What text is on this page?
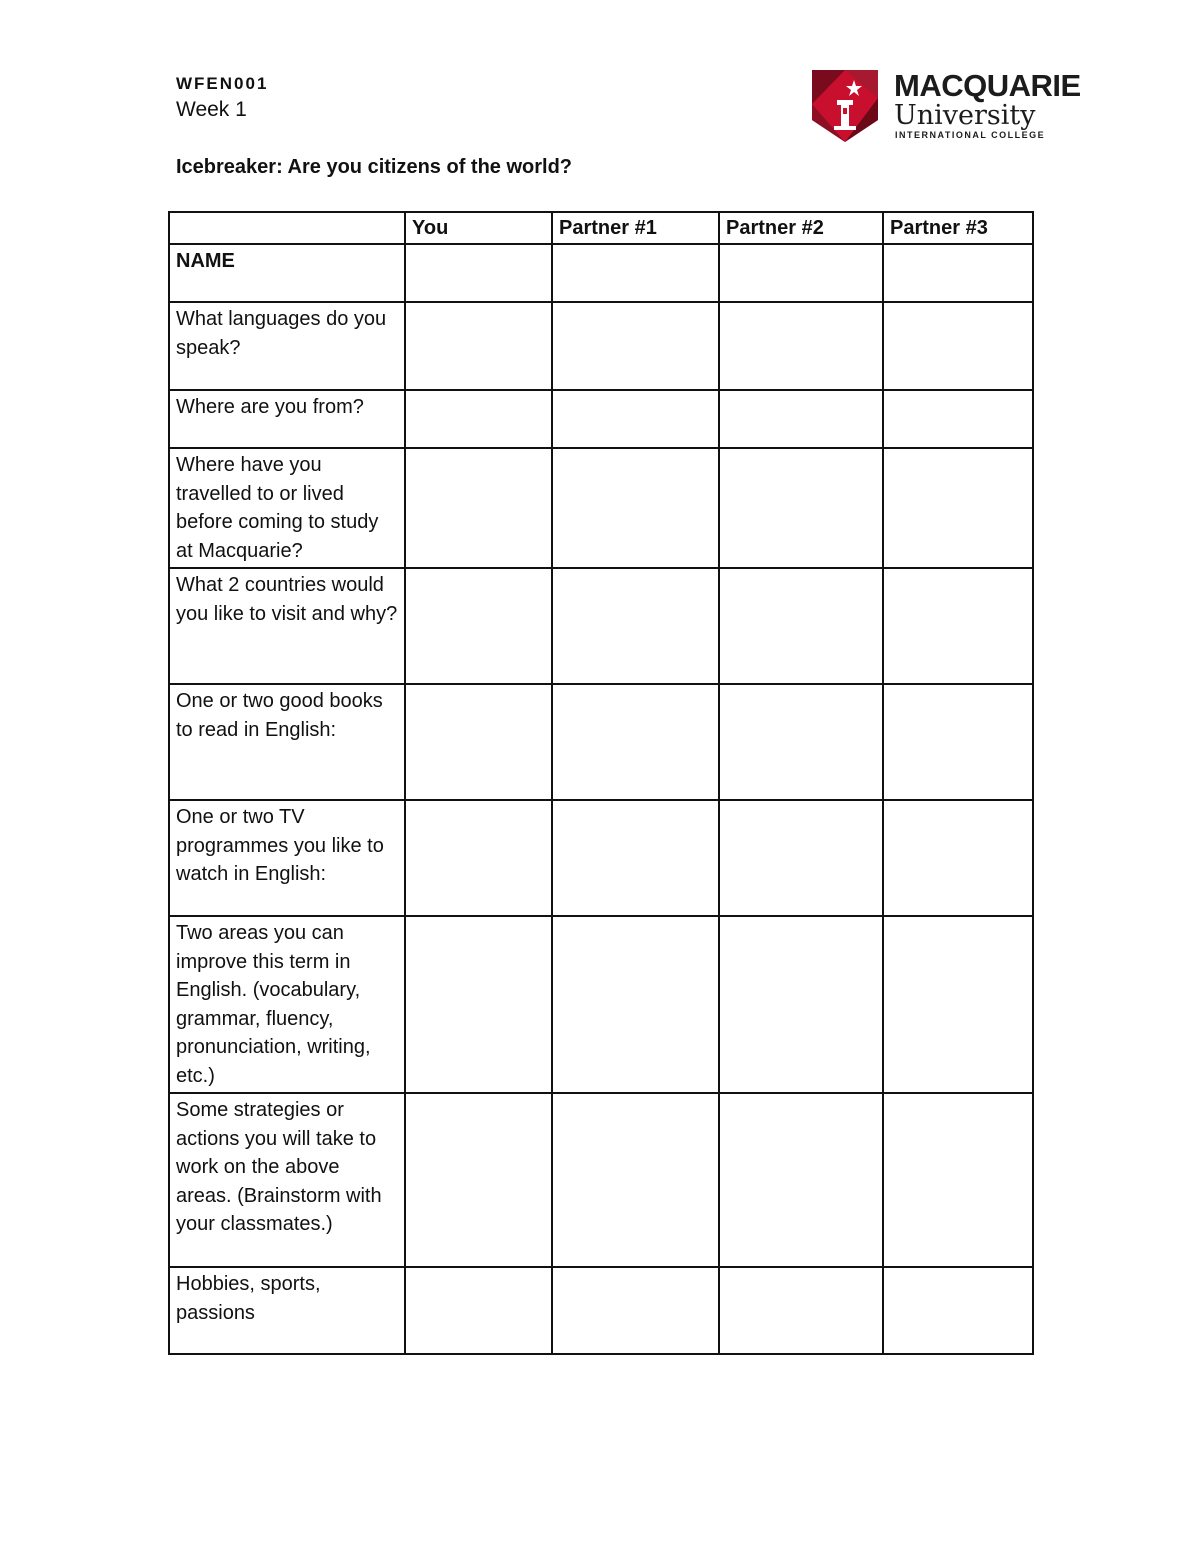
WFEN001
Week 1
Icebreaker: Are you citizens of the world?
MACQUARIE
University
INTERNATIONAL COLLEGE
	You	Partner #1	Partner #2	Partner #3
NAME				
What languages do you speak?				
Where are you from?				
Where have you travelled to or lived before coming to study at Macquarie?				
What 2 countries would you like to visit and why?				
One or two good books to read in English:				
One or two TV programmes you like to watch in English:				
Two areas you can improve this term in English. (vocabulary, grammar, fluency, pronunciation, writing, etc.)				
Some strategies or actions you will take to work on the above areas. (Brainstorm with your classmates.)				
Hobbies, sports, passions				
